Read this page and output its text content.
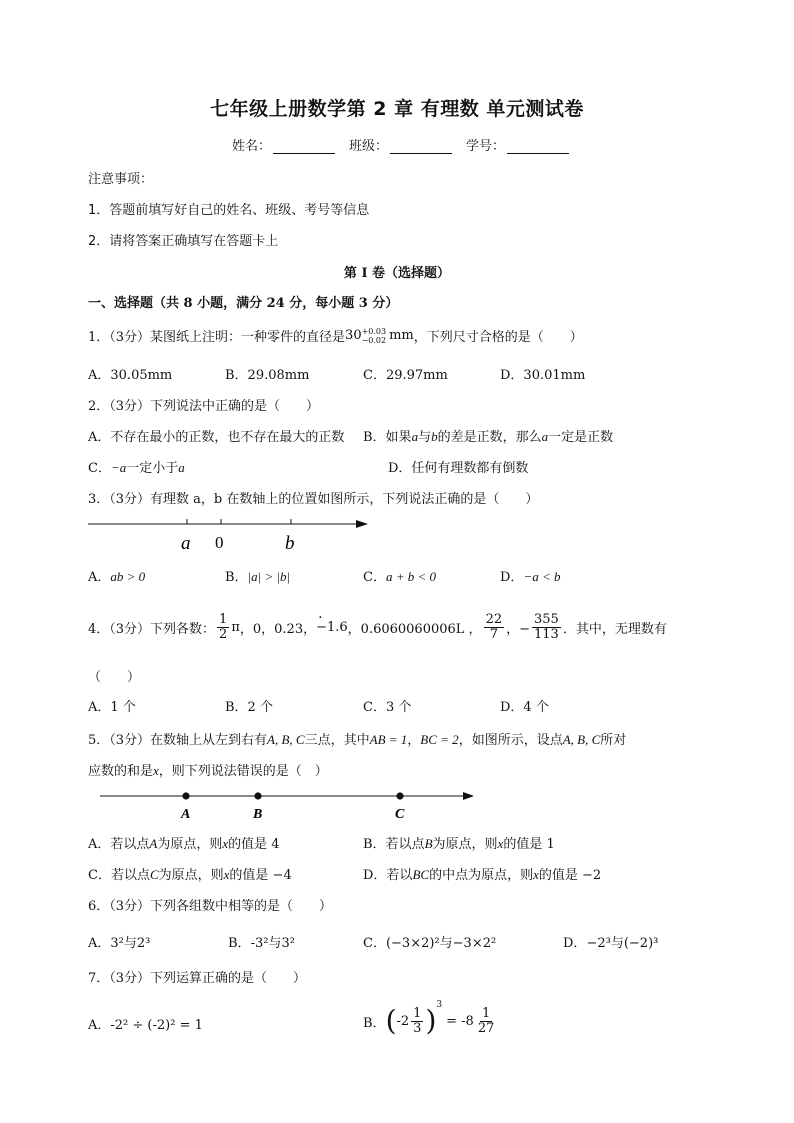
七年级上册数学第 2 章 有理数 单元测试卷
姓名：	班级：	学号：
注意事项：
1．答题前填写好自己的姓名、班级、考号等信息
2．请将答案正确填写在答题卡上
第 I 卷（选择题）
一、选择题（共 8 小题，满分 24 分，每小题 3 分）
1．（3分）某图纸上注明：一种零件的直径是 30 +0.03
−0.02 mm ，下列尺寸合格的是（　　）
A．30.05mm	B．29.08mm	C．29.97mm	D．30.01mm
2．（3分）下列说法中正确的是（　　）
A．不存在最小的正数，也不存在最大的正数 B．如果a与b的差是正数，那么a一定是正数
C．−a一定小于a	D．任何有理数都有倒数
3．（3分）有理数 a，b 在数轴上的位置如图所示，下列说法正确的是（　　）
a 0	b
A．ab > 0	B．|a| > |b|	C．a + b < 0	D．−a < b
4．（3分）下列各数： $\frac{1}{2}$ π ，0，0.23， −1.6 · ，0.6060060006L ， $\frac{22}{7}$ ，− $\frac{355}{113}$ ．其中，无理数有
（　　）
A．1 个	B．2 个	C．3 个	D．4 个
5．（3分）在数轴上从左到右有A, B, C三点，其中AB = 1，BC = 2，如图所示，设点A, B, C所对
应数的和是x，则下列说法错误的是（　）
A	B	C
A．若以点A为原点，则x的值是 4	B．若以点B为原点，则x的值是 1
C．若以点C为原点，则x的值是 −4	D．若以BC的中点为原点，则x的值是 −2
6．（3分）下列各组数中相等的是（　　）
A．3²与2³	B．-3²与3²	C．(−3×2)²与−3×2²	D．−2³与(−2)³
7．（3分）下列运算正确的是（　　）
A．-2² ÷ (-2)² = 1	B． ( $-2 \frac{1}{3} )^3$
= $-8 \frac{1}{27}$
